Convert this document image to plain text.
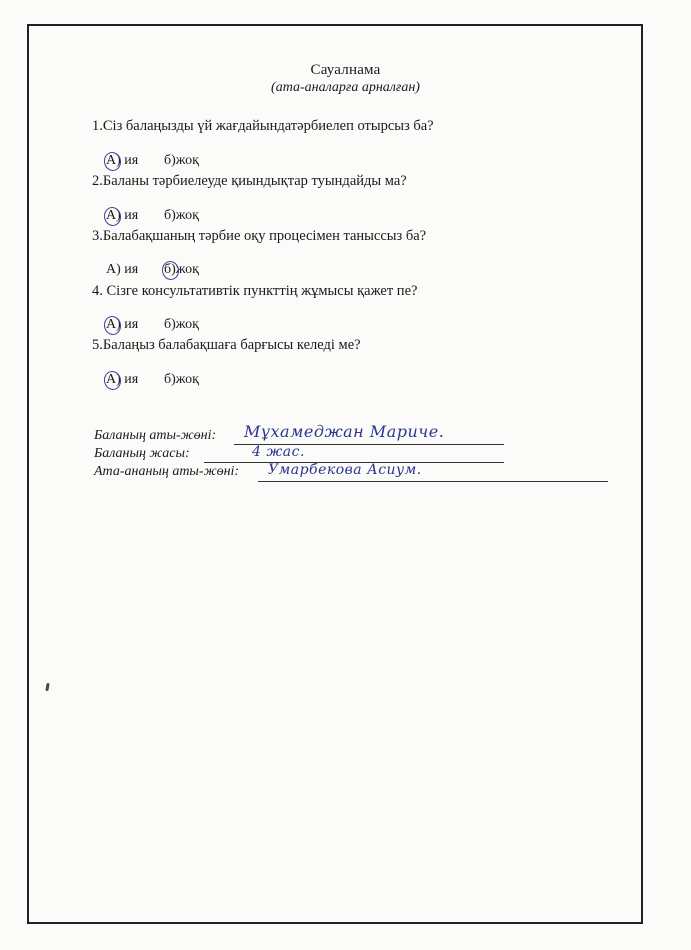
Сауалнама
(ата-аналарға арналған)
1.Сіз балаңызды үй жағдайындатәрбиелеп отырсыз ба?

А) ия б)жоқ

2.Баланы тәрбиелеуде қиындықтар туындайды ма?

А) ия б)жоқ

3.Балабақшаның тәрбие оқу процесімен таныссыз ба?

А) ия б)жоқ

4. Сізге консультативтік пункттің жұмысы қажет пе?

А) ия б)жоқ

5.Балаңыз балабақшаға барғысы келеді ме?

А) ия б)жоқ

Баланың аты-жөні: Мұхамеджан Мариче.
Баланың жасы:	4 жас.
Ата-ананың аты-жөні: Умарбекова Асиум.
